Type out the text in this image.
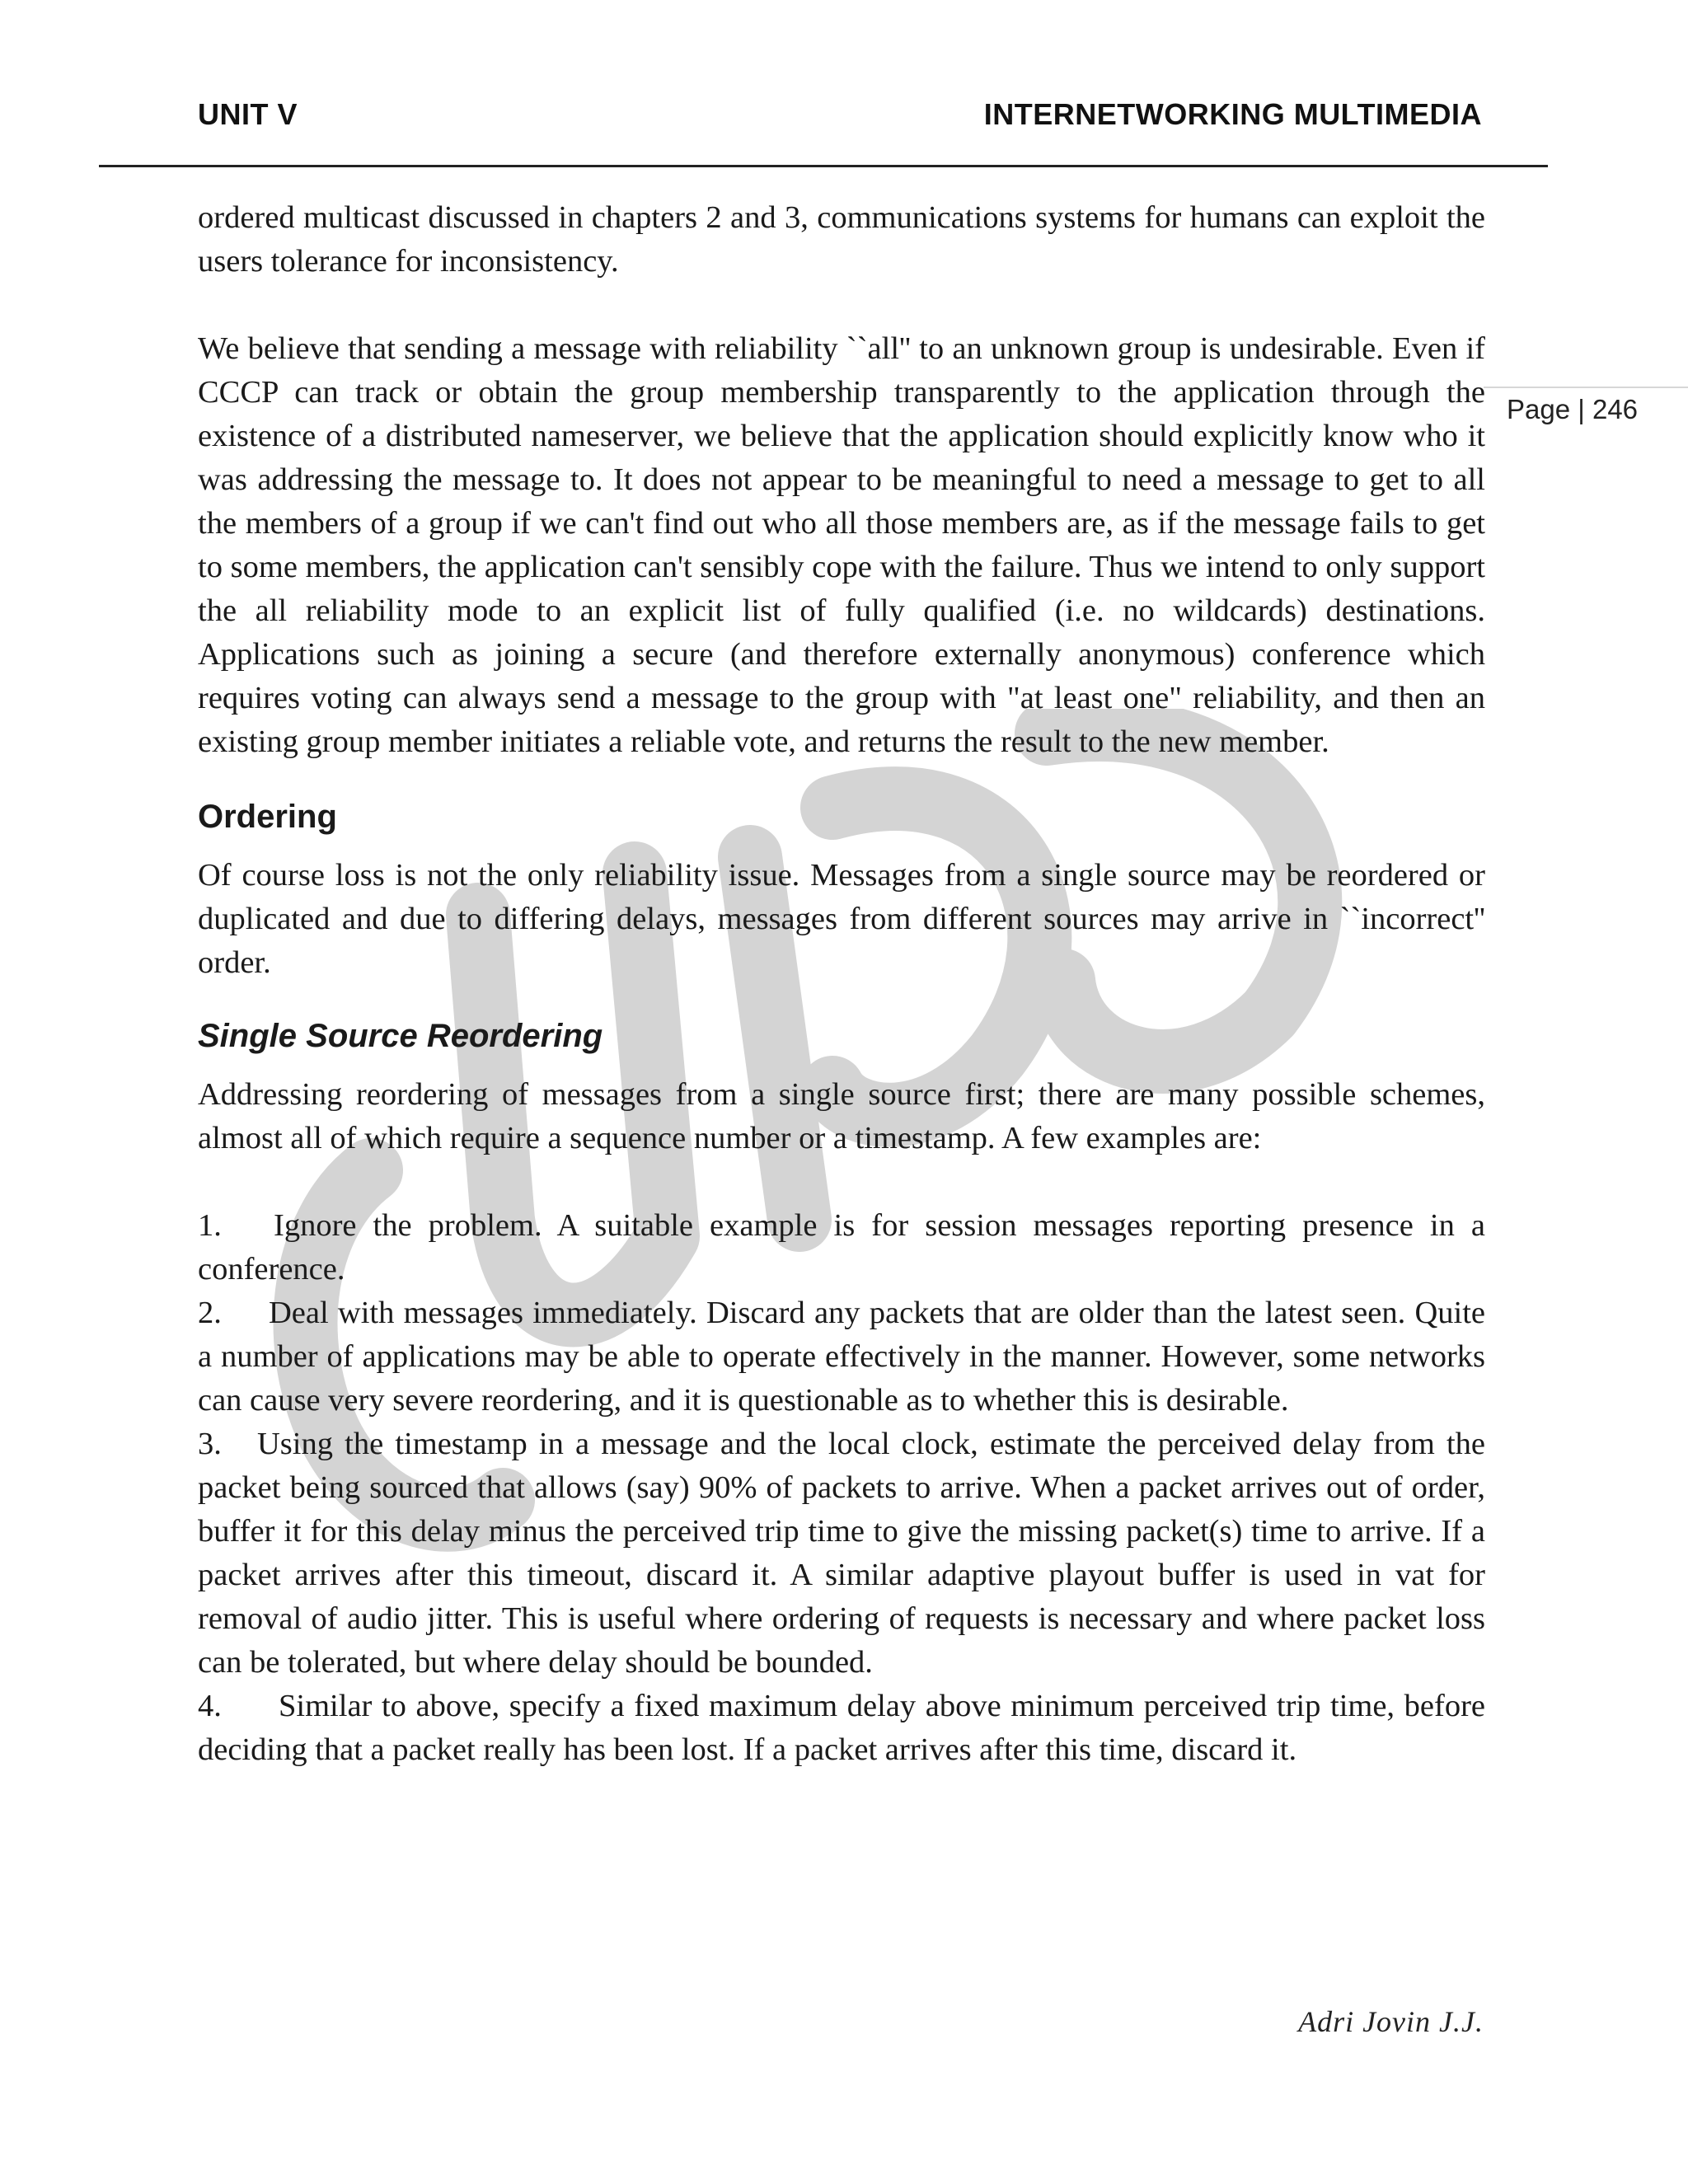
UNIT V	INTERNETWORKING MULTIMEDIA
Page | 246

ordered multicast discussed in chapters 2 and 3, communications systems for humans can exploit the users tolerance for inconsistency.

We believe that sending a message with reliability ``all'' to an unknown group is undesirable. Even if CCCP can track or obtain the group membership transparently to the application through the existence of a distributed nameserver, we believe that the application should explicitly know who it was addressing the message to. It does not appear to be meaningful to need a message to get to all the members of a group if we can't find out who all those members are, as if the message fails to get to some members, the application can't sensibly cope with the failure. Thus we intend to only support the all reliability mode to an explicit list of fully qualified (i.e. no wildcards) destinations. Applications such as joining a secure (and therefore externally anonymous) conference which requires voting can always send a message to the group with "at least one" reliability, and then an existing group member initiates a reliable vote, and returns the result to the new member.

Ordering

Of course loss is not the only reliability issue. Messages from a single source may be reordered or duplicated and due to differing delays, messages from different sources may arrive in ``incorrect'' order.

Single Source Reordering

Addressing reordering of messages from a single source first; there are many possible schemes, almost all of which require a sequence number or a timestamp. A few examples are:

1. Ignore the problem. A suitable example is for session messages reporting presence in a conference.

2. Deal with messages immediately. Discard any packets that are older than the latest seen. Quite a number of applications may be able to operate effectively in the manner. However, some networks can cause very severe reordering, and it is questionable as to whether this is desirable.

3. Using the timestamp in a message and the local clock, estimate the perceived delay from the packet being sourced that allows (say) 90% of packets to arrive. When a packet arrives out of order, buffer it for this delay minus the perceived trip time to give the missing packet(s) time to arrive. If a packet arrives after this timeout, discard it. A similar adaptive playout buffer is used in vat for removal of audio jitter. This is useful where ordering of requests is necessary and where packet loss can be tolerated, but where delay should be bounded.

4. Similar to above, specify a fixed maximum delay above minimum perceived trip time, before deciding that a packet really has been lost. If a packet arrives after this time, discard it.

Adri Jovin J.J.
